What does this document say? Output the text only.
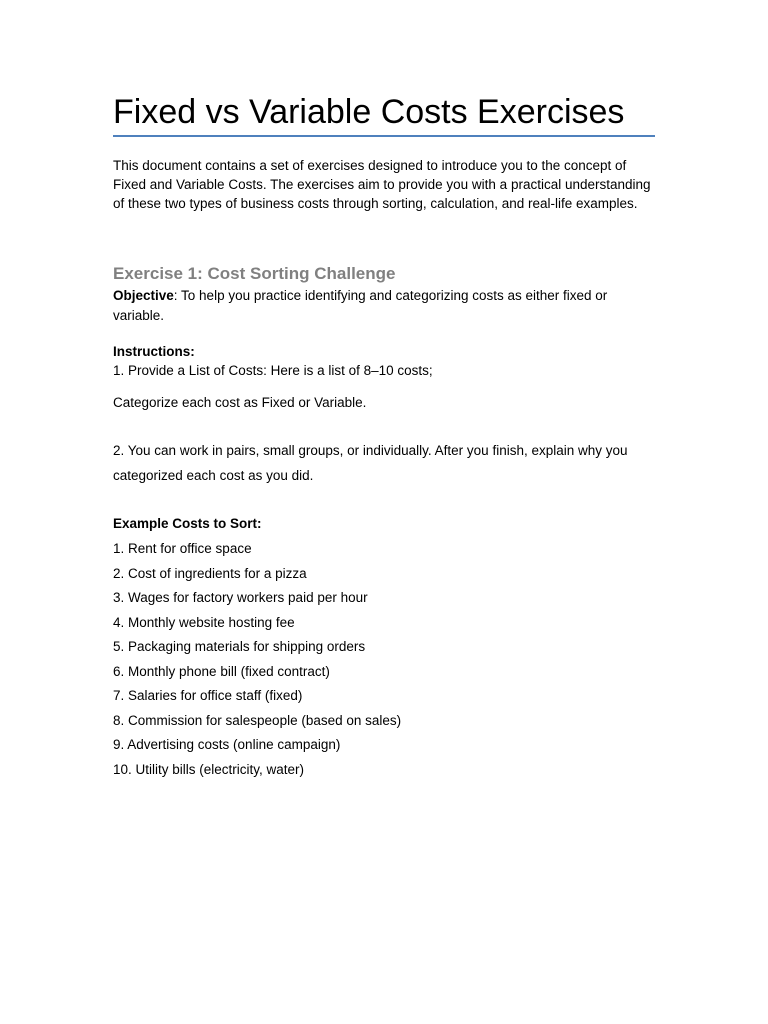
Fixed vs Variable Costs Exercises

This document contains a set of exercises designed to introduce you to the concept of Fixed and Variable Costs. The exercises aim to provide you with a practical understanding of these two types of business costs through sorting, calculation, and real-life examples.

Exercise 1: Cost Sorting Challenge

Objective: To help you practice identifying and categorizing costs as either fixed or variable.

Instructions:

1. Provide a List of Costs: Here is a list of 8–10 costs;

Categorize each cost as Fixed or Variable.

2. You can work in pairs, small groups, or individually. After you finish, explain why you

categorized each cost as you did.

Example Costs to Sort:

1. Rent for office space
2. Cost of ingredients for a pizza
3. Wages for factory workers paid per hour
4. Monthly website hosting fee
5. Packaging materials for shipping orders
6. Monthly phone bill (fixed contract)
7. Salaries for office staff (fixed)
8. Commission for salespeople (based on sales)
9. Advertising costs (online campaign)
10. Utility bills (electricity, water)
